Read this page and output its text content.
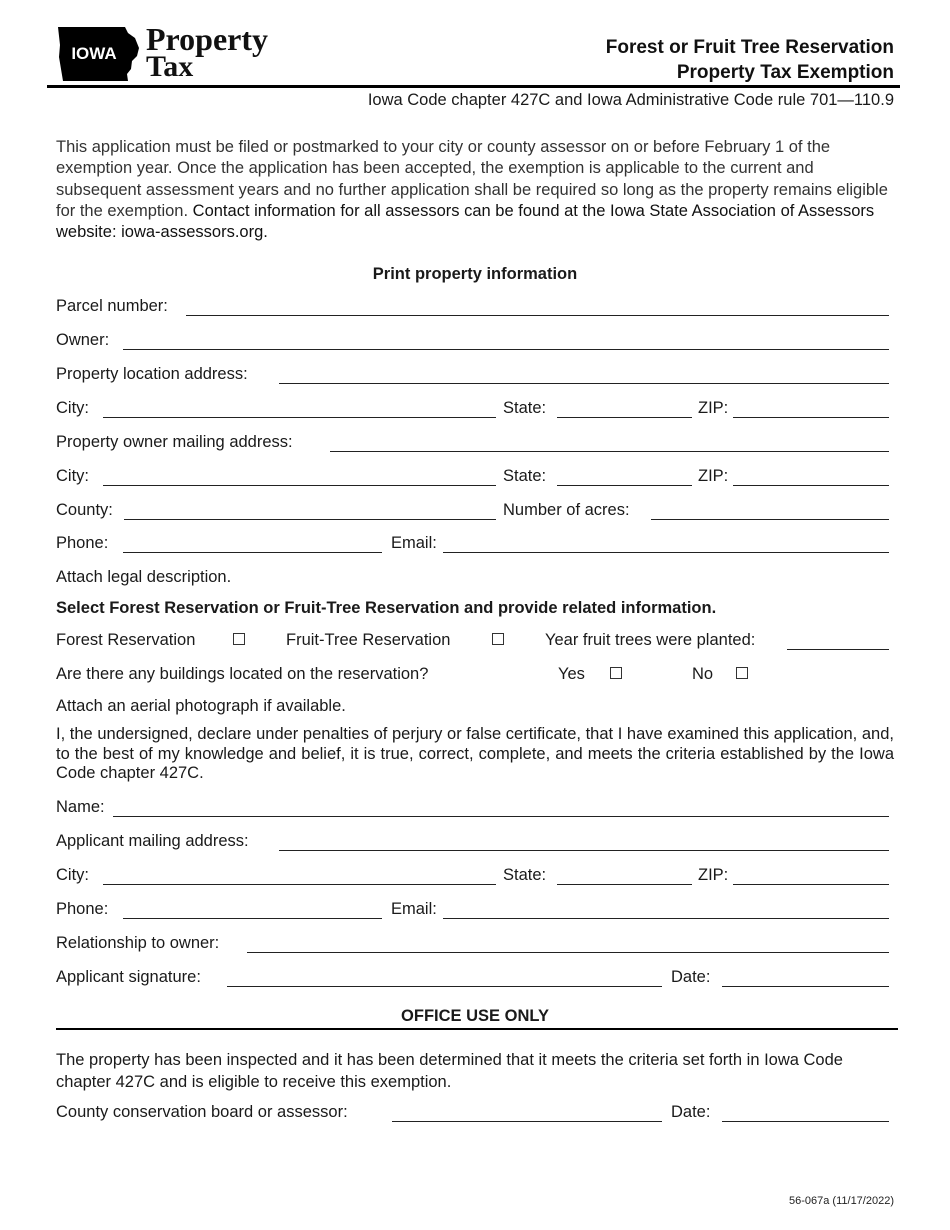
IOWA Property
Tax
Forest or Fruit Tree Reservation
Property Tax Exemption
Iowa Code chapter 427C and Iowa Administrative Code rule 701—110.9
This application must be filed or postmarked to your city or county assessor on or before February 1 of the exemption year. Once the application has been accepted, the exemption is applicable to the current and subsequent assessment years and no further application shall be required so long as the property remains eligible for the exemption. Contact information for all assessors can be found at the Iowa State Association of Assessors website: iowa-assessors.org.
Print property information
Parcel number:
Owner:
Property location address:
City:	State:	ZIP:
Property owner mailing address:
City:	State:	ZIP:
County:	Number of acres:
Phone:	Email:
Attach legal description.
Select Forest Reservation or Fruit-Tree Reservation and provide related information.
Forest Reservation	Fruit-Tree Reservation	Year fruit trees were planted:
Are there any buildings located on the reservation?	Yes	No
Attach an aerial photograph if available.
I, the undersigned, declare under penalties of perjury or false certificate, that I have examined this application, and, to the best of my knowledge and belief, it is true, correct, complete, and meets the criteria established by the Iowa Code chapter 427C.
Name:
Applicant mailing address:
City:	State:	ZIP:
Phone:	Email:
Relationship to owner:
Applicant signature:	Date:
OFFICE USE ONLY
The property has been inspected and it has been determined that it meets the criteria set forth in Iowa Code chapter 427C and is eligible to receive this exemption.
County conservation board or assessor:	Date:
56-067a (11/17/2022)
